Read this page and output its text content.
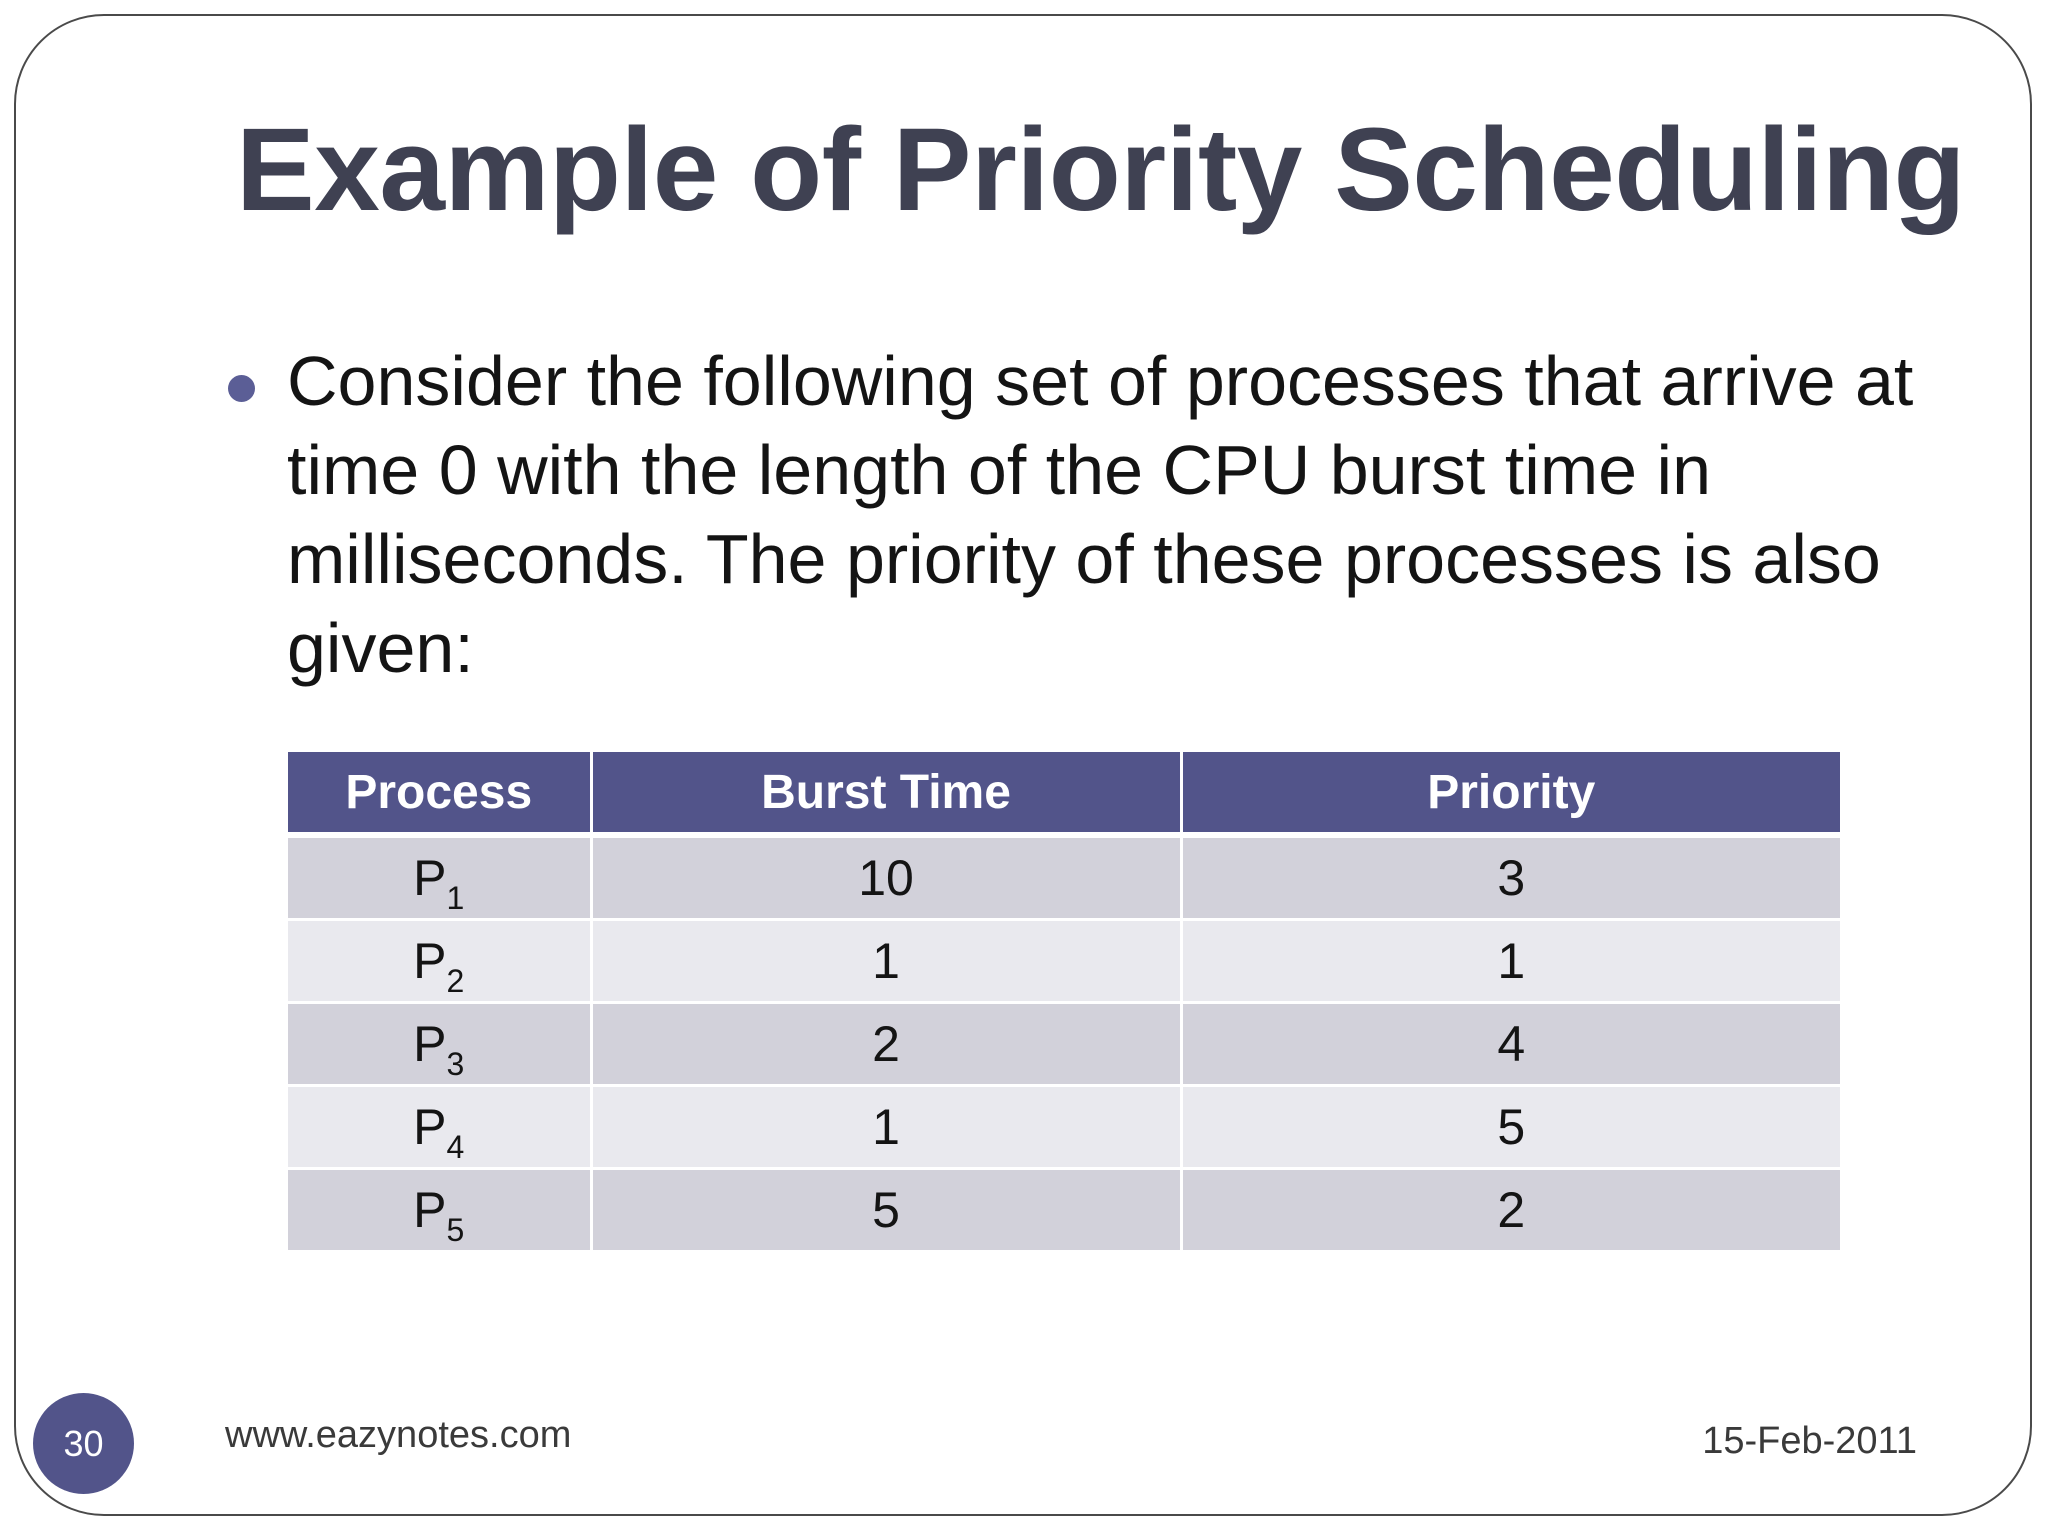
Example of Priority Scheduling
Consider the following set of processes that arrive at time 0 with the length of the CPU burst time in milliseconds. The priority of these processes is also given:
Process	Burst Time	Priority
$P_1$	10	3
$P_2$	1	1
$P_3$	2	4
$P_4$	1	5
$P_5$	5	2
30	www.eazynotes.com	15-Feb-2011
